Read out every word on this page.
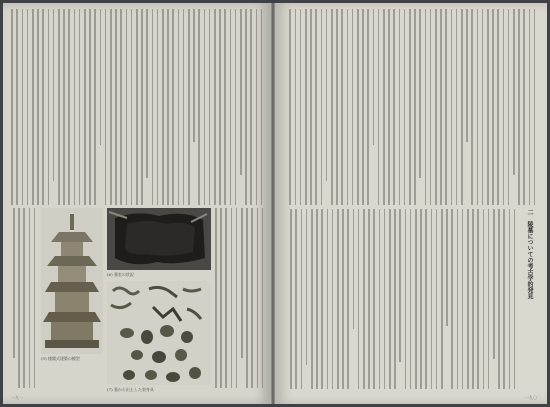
(5) 楼閣式建築の模型
(6) 墓室の状況
(7) 墓から出土した装身具
一九一
二　陵墓についての考古学的発見
一九〇
